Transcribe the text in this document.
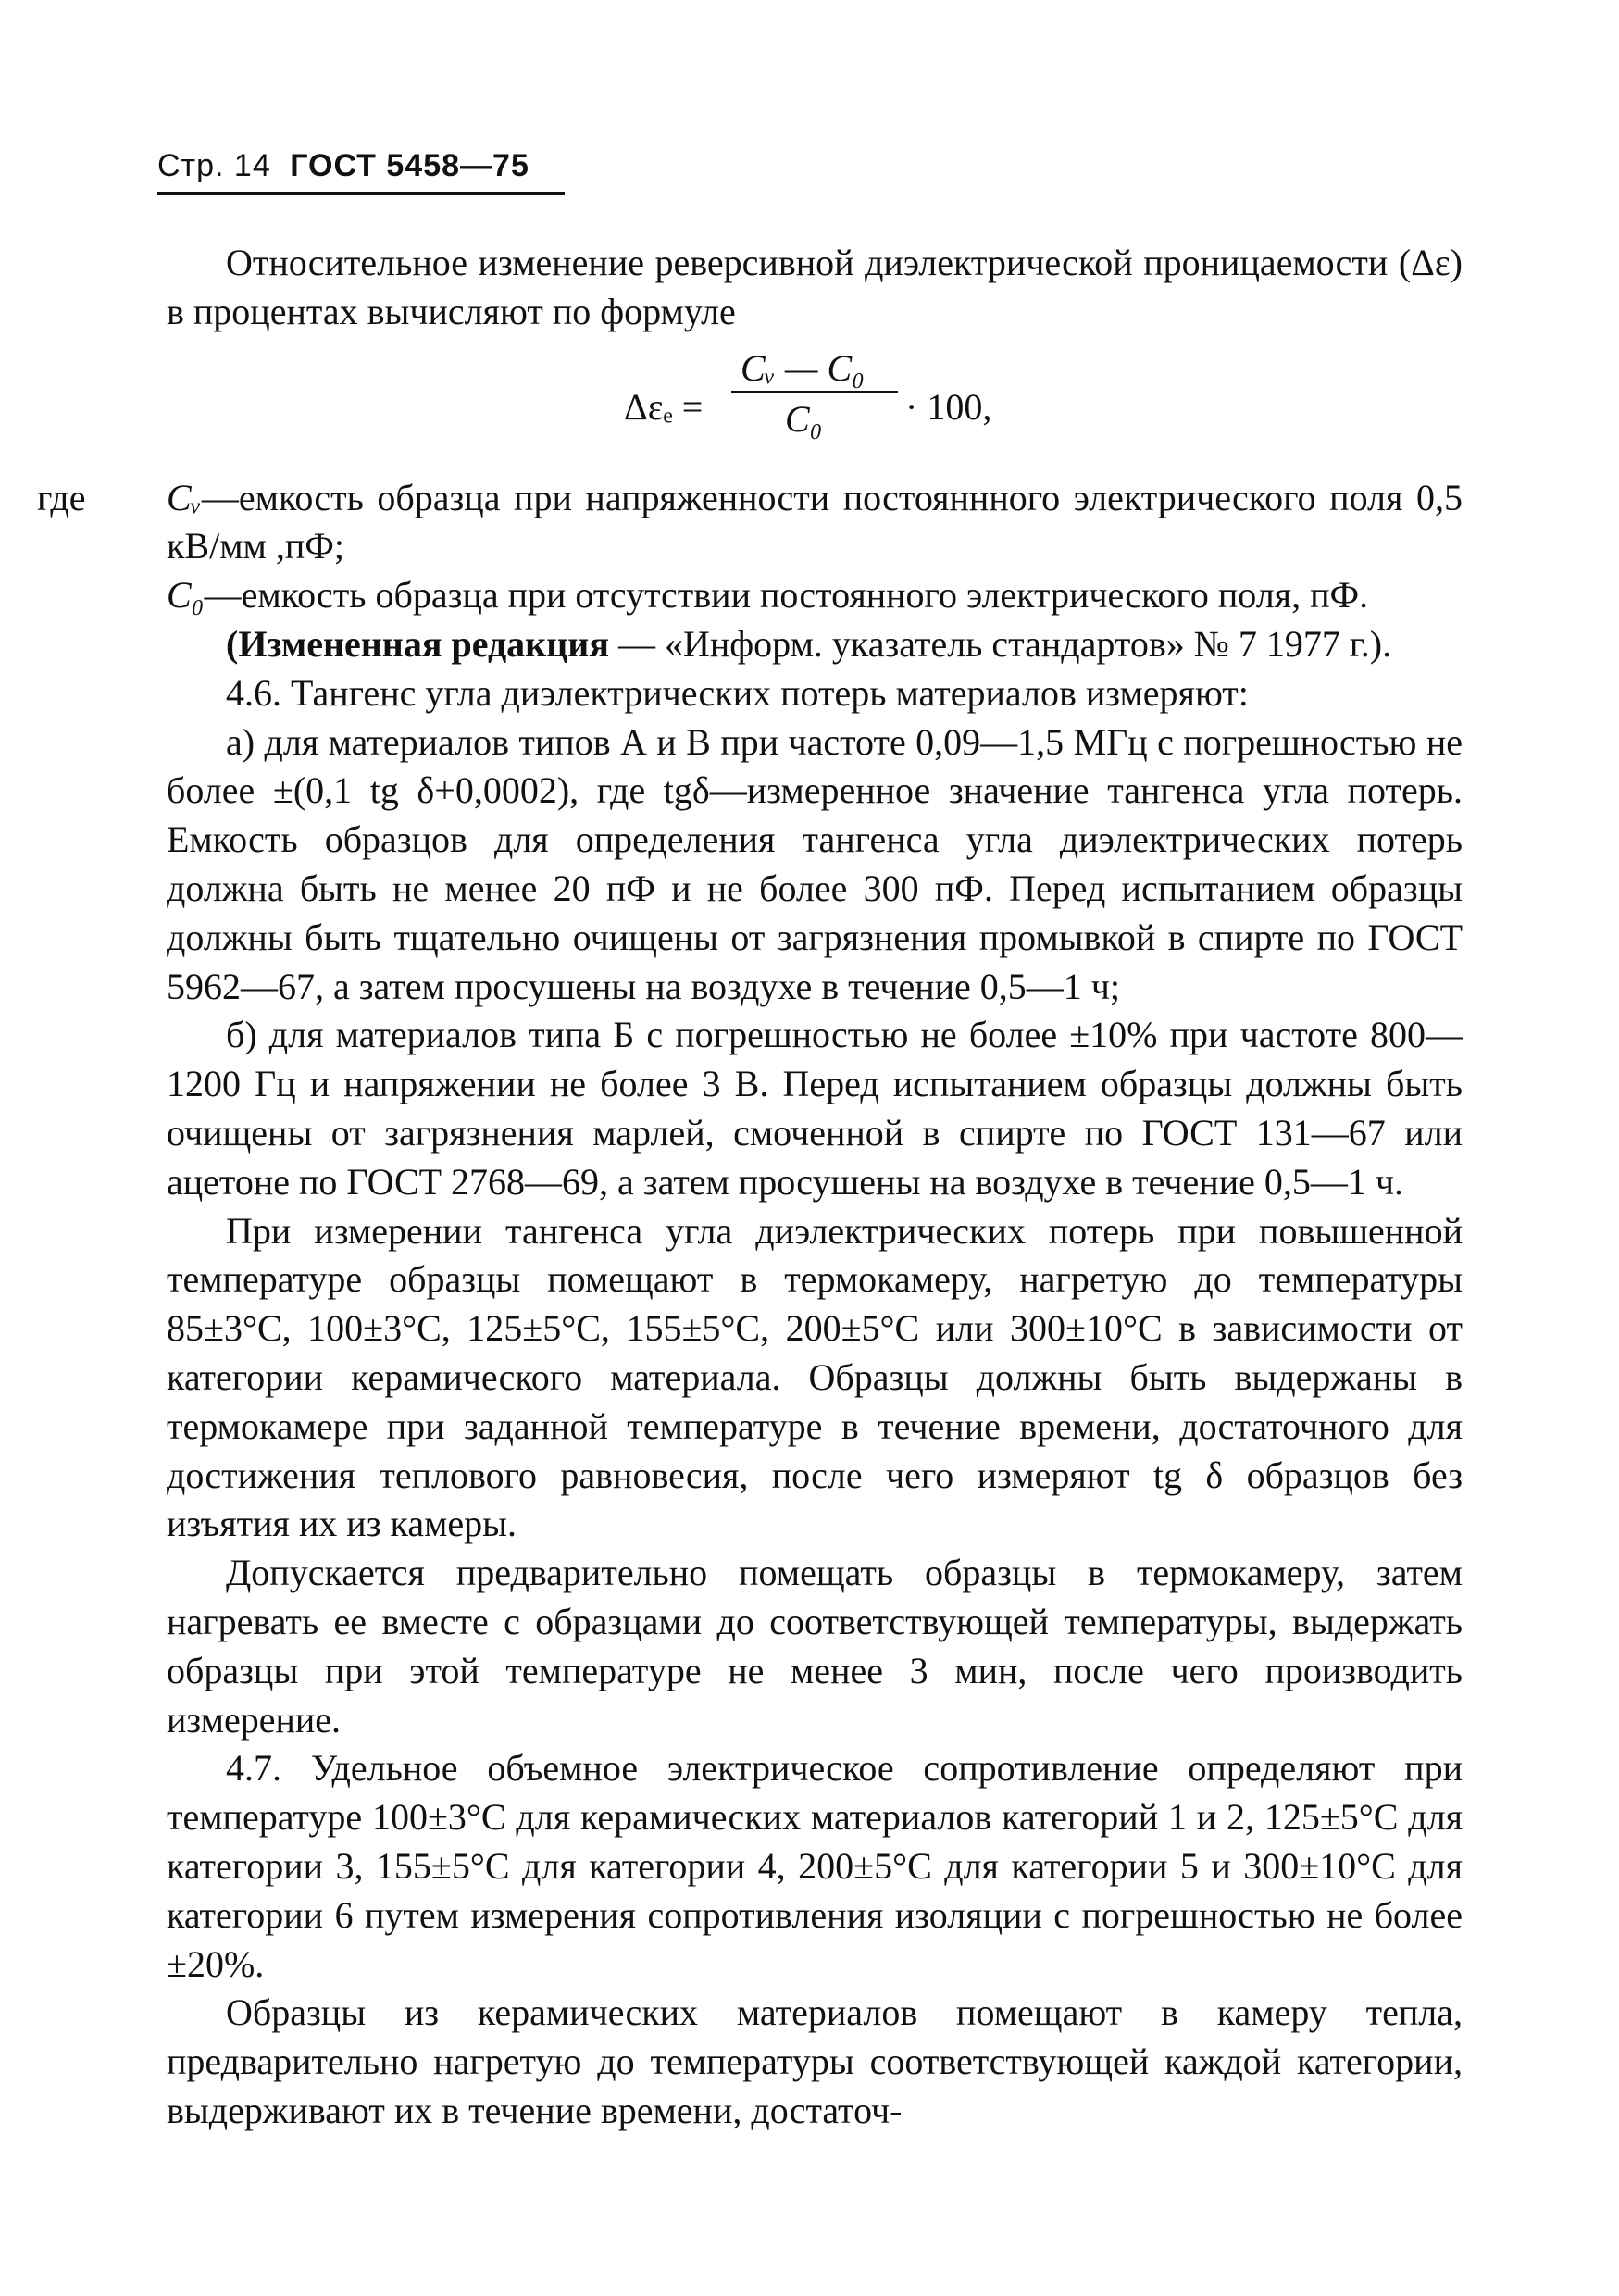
Стр. 14 ГОСТ 5458—75

Относительное изменение реверсивной диэлектрической проницаемости (Δε) в процентах вычисляют по формуле

Δεₑ =
Cᵥ — C₀
C₀ · 100,

где Cᵥ—емкость образца при напряженности постояннного электрического поля 0,5 кВ/мм ,пФ;

C₀—емкость образца при отсутствии постоянного электрического поля, пФ.

(Измененная редакция — «Информ. указатель стандартов» № 7 1977 г.).

4.6. Тангенс угла диэлектрических потерь материалов измеряют:

а) для материалов типов А и В при частоте 0,09—1,5 МГц с погрешностью не более ±(0,1 tg δ+0,0002), где tgδ—измеренное значение тангенса угла потерь. Емкость образцов для определения тангенса угла диэлектрических потерь должна быть не менее 20 пФ и не более 300 пФ. Перед испытанием образцы должны быть тщательно очищены от загрязнения промывкой в спирте по ГОСТ 5962—67, а затем просушены на воздухе в течение 0,5—1 ч;

б) для материалов типа Б с погрешностью не более ±10% при частоте 800—1200 Гц и напряжении не более 3 В. Перед испытанием образцы должны быть очищены от загрязнения марлей, смоченной в спирте по ГОСТ 131—67 или ацетоне по ГОСТ 2768—69, а затем просушены на воздухе в течение 0,5—1 ч.

При измерении тангенса угла диэлектрических потерь при повышенной температуре образцы помещают в термокамеру, нагретую до температуры 85±3°С, 100±3°С, 125±5°С, 155±5°С, 200±5°С или 300±10°С в зависимости от категории керамического материала. Образцы должны быть выдержаны в термокамере при заданной температуре в течение времени, достаточного для достижения теплового равновесия, после чего измеряют tg δ образцов без изъятия их из камеры.

Допускается предварительно помещать образцы в термокамеру, затем нагревать ее вместе с образцами до соответствующей температуры, выдержать образцы при этой температуре не менее 3 мин, после чего производить измерение.

4.7. Удельное объемное электрическое сопротивление определяют при температуре 100±3°С для керамических материалов категорий 1 и 2, 125±5°С для категории 3, 155±5°С для категории 4, 200±5°С для категории 5 и 300±10°С для категории 6 путем измерения сопротивления изоляции с погрешностью не более ±20%.

Образцы из керамических материалов помещают в камеру тепла, предварительно нагретую до температуры соответствующей каждой категории, выдерживают их в течение времени, достаточ-
